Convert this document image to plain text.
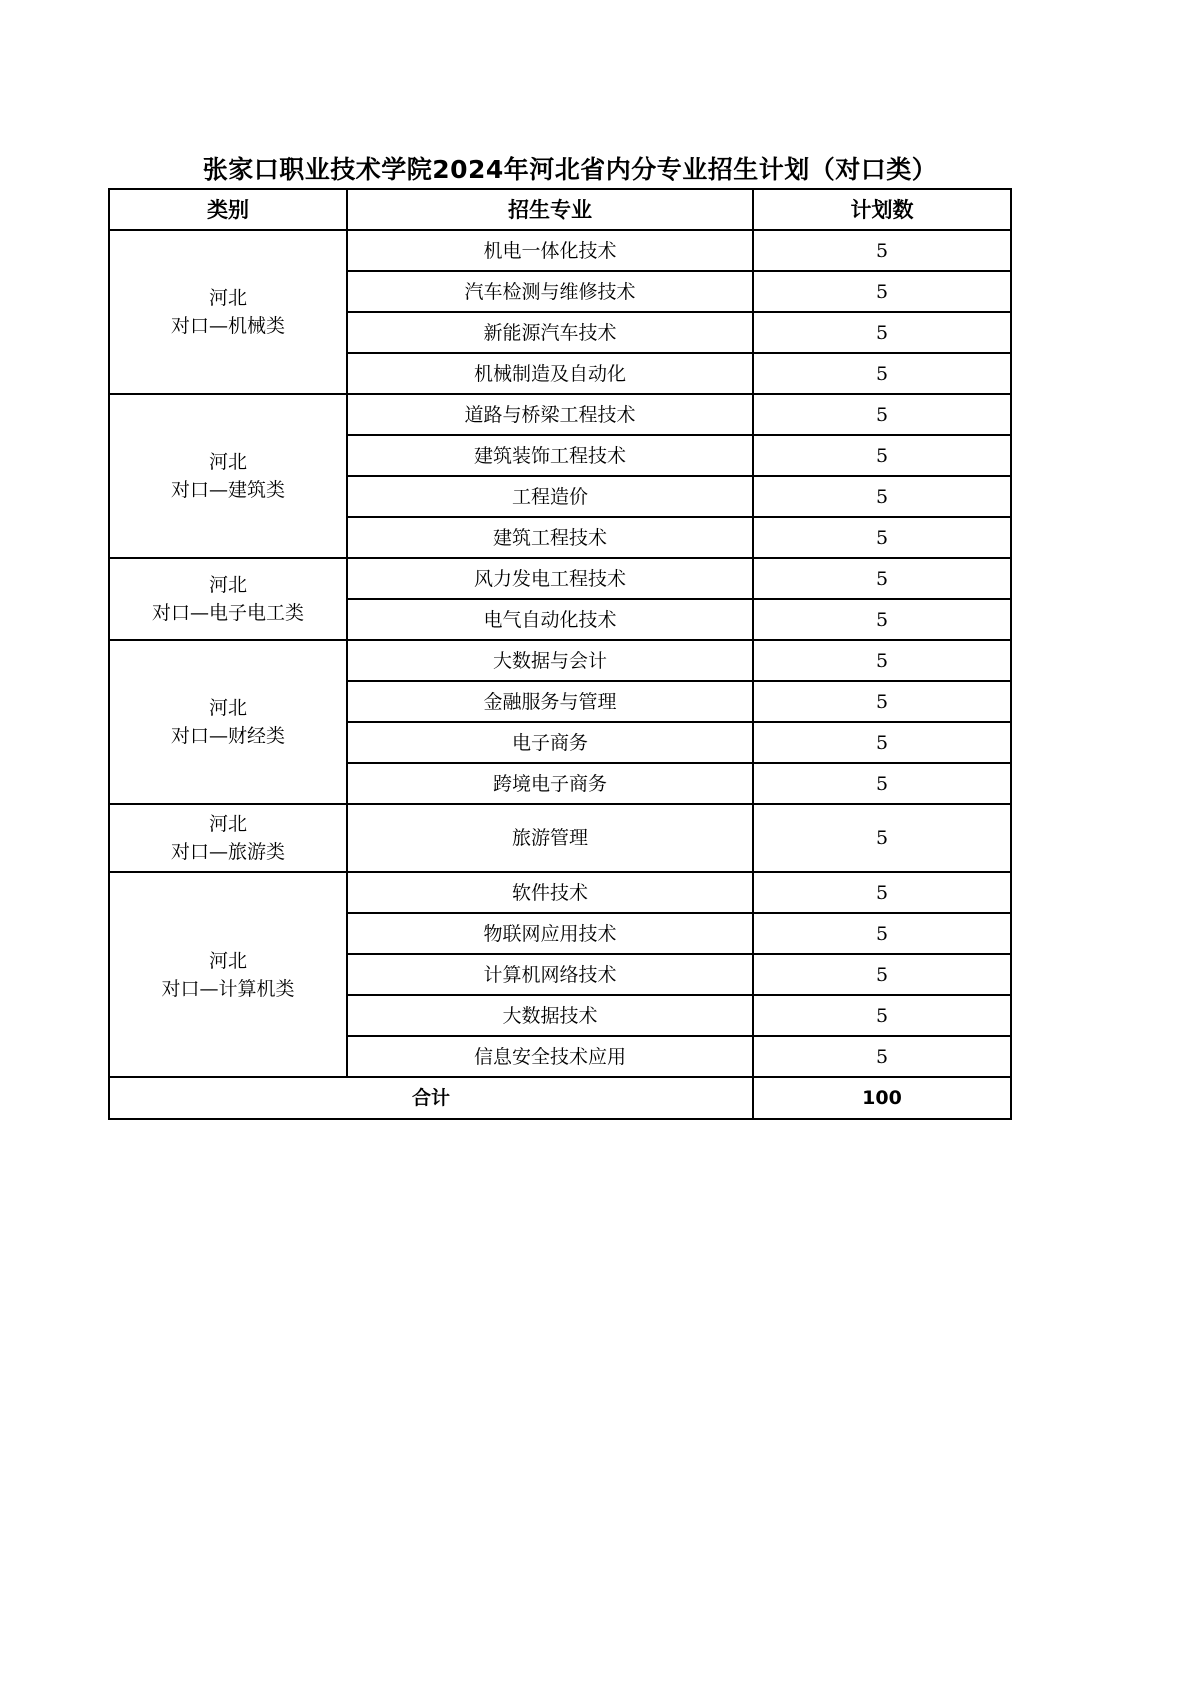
张家口职业技术学院2024年河北省内分专业招生计划（对口类）
类别	招生专业	计划数

河北
对口—机械类	机电一体化技术	5
	汽车检测与维修技术	5
	新能源汽车技术	5
	机械制造及自动化	5

河北
对口—建筑类	道路与桥梁工程技术	5
	建筑装饰工程技术	5
	工程造价	5
	建筑工程技术	5

河北
对口—电子电工类	风力发电工程技术	5
	电气自动化技术	5

河北
对口—财经类	大数据与会计	5
	金融服务与管理	5
	电子商务	5
	跨境电子商务	5

河北
对口—旅游类	旅游管理	5

河北
对口—计算机类	软件技术	5
	物联网应用技术	5
	计算机网络技术	5
	大数据技术	5
	信息安全技术应用	5
合计		100
